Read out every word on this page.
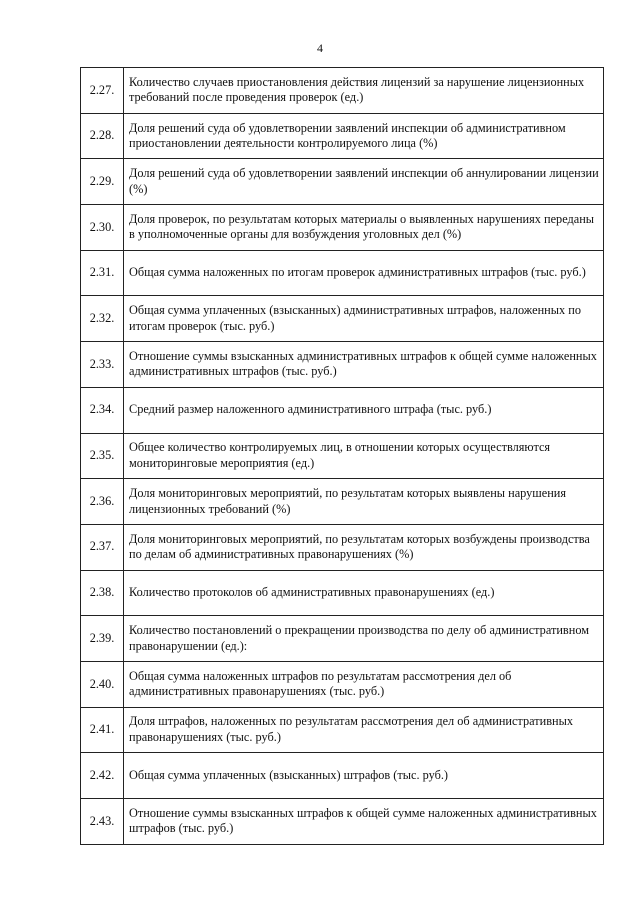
4
2.27.	Количество случаев приостановления действия лицензий за нарушение лицензионных требований после проведения проверок (ед.)
2.28.	Доля решений суда об удовлетворении заявлений инспекции об административном приостановлении деятельности контролируемого лица (%)
2.29.	Доля решений суда об удовлетворении заявлений инспекции об аннулировании лицензии (%)
2.30.	Доля проверок, по результатам которых материалы о выявленных нарушениях переданы в уполномоченные органы для возбуждения уголовных дел (%)
2.31.	Общая сумма наложенных по итогам проверок административных штрафов (тыс. руб.)
2.32.	Общая сумма уплаченных (взысканных) административных штрафов, наложенных по итогам проверок (тыс. руб.)
2.33.	Отношение суммы взысканных административных штрафов к общей сумме наложенных административных штрафов (тыс. руб.)
2.34.	Средний размер наложенного административного штрафа (тыс. руб.)
2.35.	Общее количество контролируемых лиц, в отношении которых осуществляются мониторинговые мероприятия (ед.)
2.36.	Доля мониторинговых мероприятий, по результатам которых выявлены нарушения лицензионных требований (%)
2.37.	Доля мониторинговых мероприятий, по результатам которых возбуждены производства по делам об административных правонарушениях (%)
2.38.	Количество протоколов об административных правонарушениях (ед.)
2.39.	Количество постановлений о прекращении производства по делу об административном правонарушении (ед.):
2.40.	Общая сумма наложенных штрафов по результатам рассмотрения дел об административных правонарушениях (тыс. руб.)
2.41.	Доля штрафов, наложенных по результатам рассмотрения дел об административных правонарушениях (тыс. руб.)
2.42.	Общая сумма уплаченных (взысканных) штрафов (тыс. руб.)
2.43.	Отношение суммы взысканных штрафов к общей сумме наложенных административных штрафов (тыс. руб.)
